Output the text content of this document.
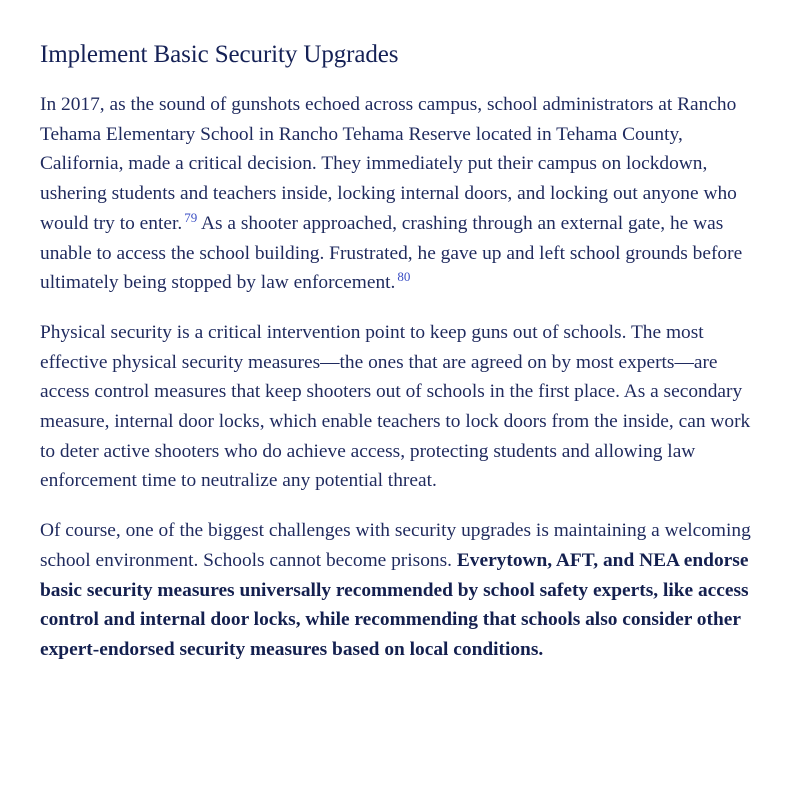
Implement Basic Security Upgrades

In 2017, as the sound of gunshots echoed across campus, school administrators at Rancho Tehama Elementary School in Rancho Tehama Reserve located in Tehama County, California, made a critical decision. They immediately put their campus on lockdown, ushering students and teachers inside, locking internal doors, and locking out anyone who would try to enter. $^{79}$ As a shooter approached, crashing through an external gate, he was unable to access the school building. Frustrated, he gave up and left school grounds before ultimately being stopped by law enforcement. $^{80}$

Physical security is a critical intervention point to keep guns out of schools. The most effective physical security measures—the ones that are agreed on by most experts—are access control measures that keep shooters out of schools in the first place. As a secondary measure, internal door locks, which enable teachers to lock doors from the inside, can work to deter active shooters who do achieve access, protecting students and allowing law enforcement time to neutralize any potential threat.

Of course, one of the biggest challenges with security upgrades is maintaining a welcoming school environment. Schools cannot become prisons. Everytown, AFT, and NEA endorse basic security measures universally recommended by school safety experts, like access control and internal door locks, while recommending that schools also consider other expert-endorsed security measures based on local conditions.
